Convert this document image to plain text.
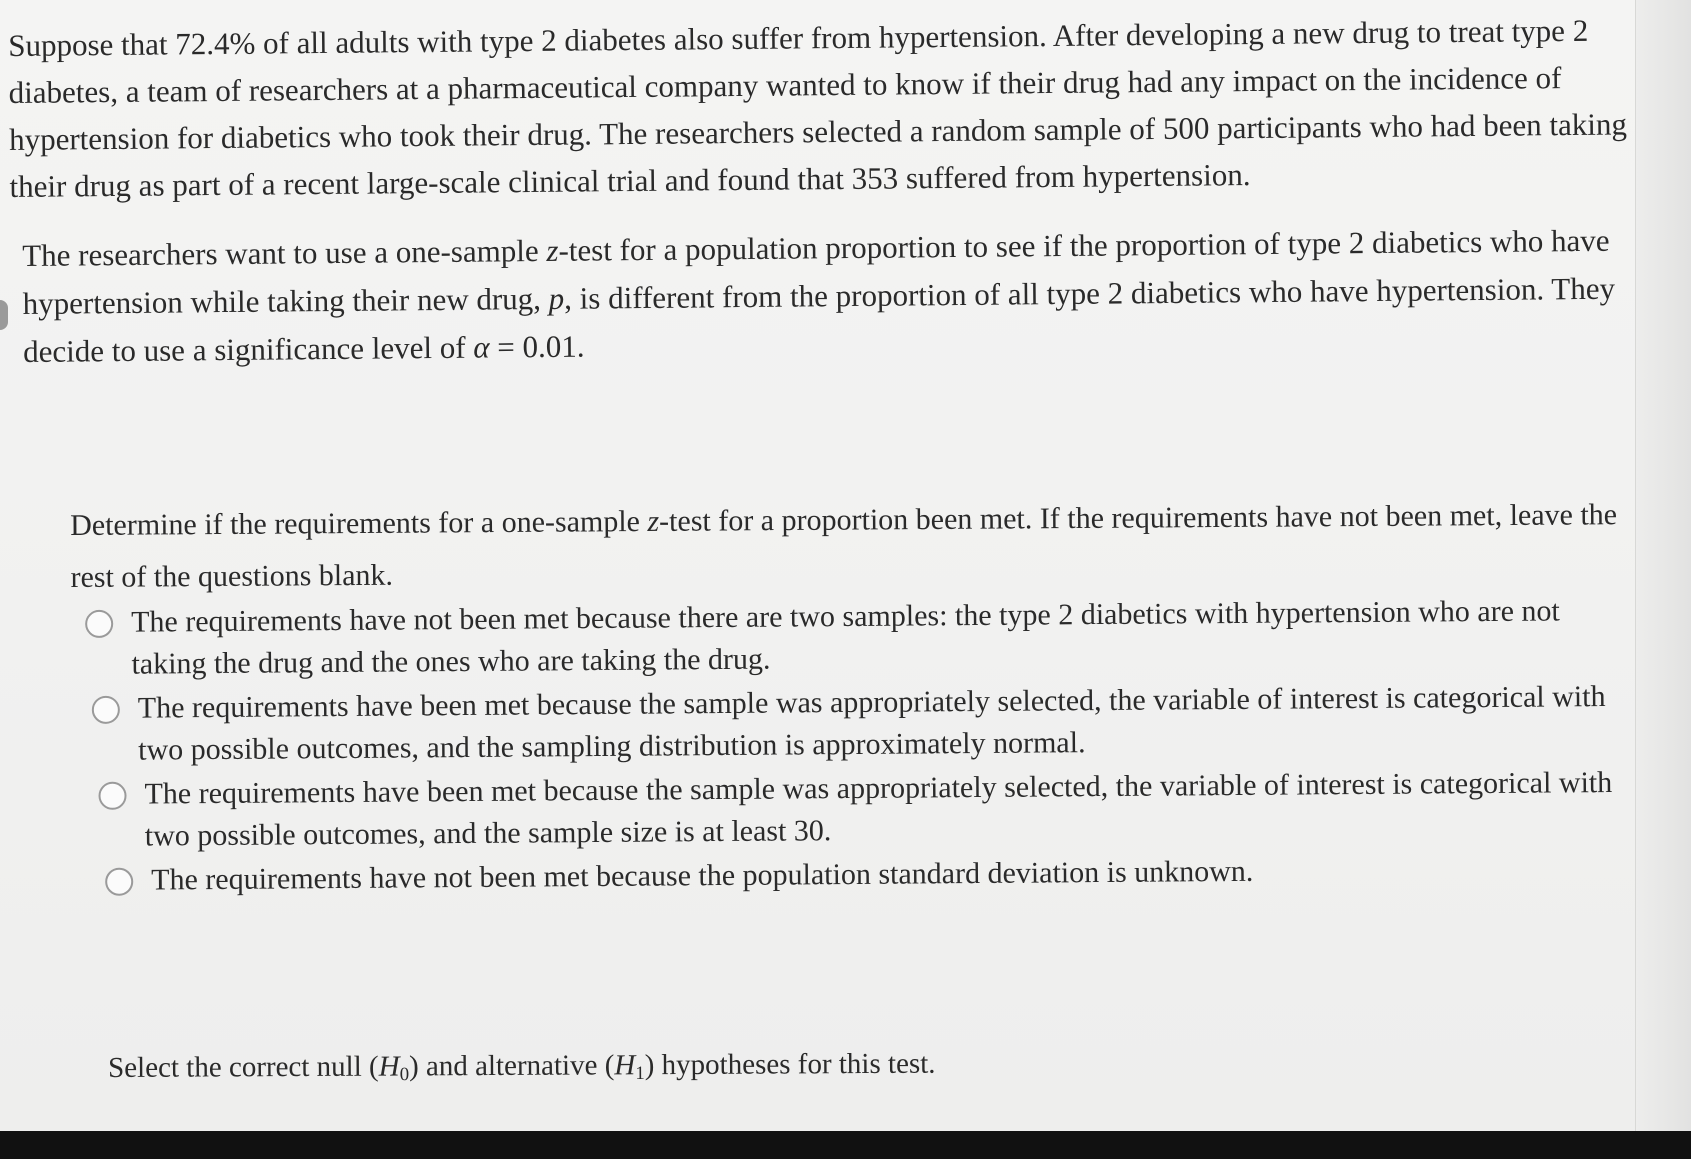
Suppose that 72.4% of all adults with type 2 diabetes also suffer from hypertension. After developing a new drug to treat type 2 diabetes, a team of researchers at a pharmaceutical company wanted to know if their drug had any impact on the incidence of hypertension for diabetics who took their drug. The researchers selected a random sample of 500 participants who had been taking their drug as part of a recent large-scale clinical trial and found that 353 suffered from hypertension.

The researchers want to use a one-sample z-test for a population proportion to see if the proportion of type 2 diabetics who have hypertension while taking their new drug, p, is different from the proportion of all type 2 diabetics who have hypertension. They decide to use a significance level of α = 0.01.

Determine if the requirements for a one-sample z-test for a proportion been met. If the requirements have not been met, leave the rest of the questions blank.

The requirements have not been met because there are two samples: the type 2 diabetics with hypertension who are not taking the drug and the ones who are taking the drug.
The requirements have been met because the sample was appropriately selected, the variable of interest is categorical with two possible outcomes, and the sampling distribution is approximately normal.
The requirements have been met because the sample was appropriately selected, the variable of interest is categorical with two possible outcomes, and the sample size is at least 30.
The requirements have not been met because the population standard deviation is unknown.

Select the correct null $(H_0)$ and alternative $(H_1)$ hypotheses for this test.
